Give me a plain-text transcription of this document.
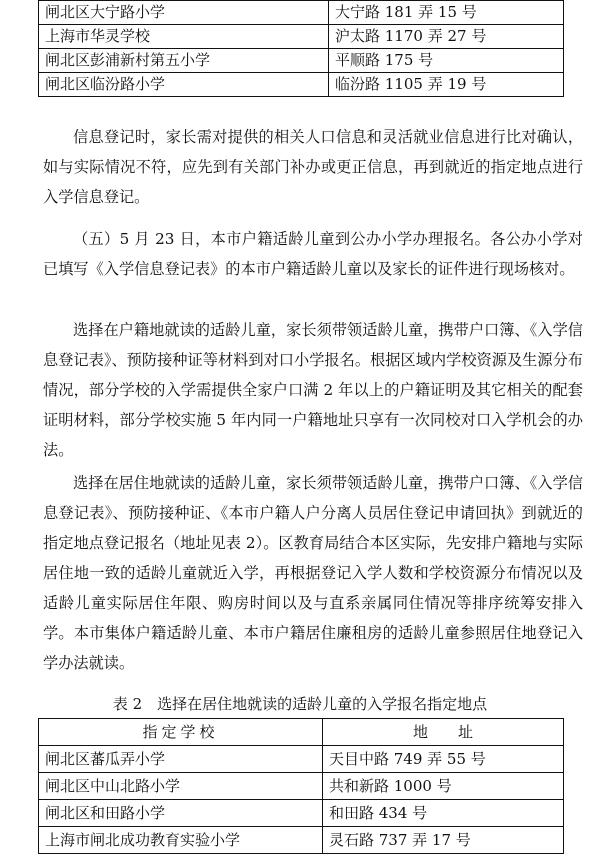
闸北区大宁路小学	大宁路 181 弄 15 号
上海市华灵学校	沪太路 1170 弄 27 号
闸北区彭浦新村第五小学	平顺路 175 号
闸北区临汾路小学	临汾路 1105 弄 19 号

信息登记时，家长需对提供的相关人口信息和灵活就业信息进行比对确认，如与实际情况不符，应先到有关部门补办或更正信息，再到就近的指定地点进行入学信息登记。

（五）5 月 23 日，本市户籍适龄儿童到公办小学办理报名。各公办小学对已填写《入学信息登记表》的本市户籍适龄儿童以及家长的证件进行现场核对。

选择在户籍地就读的适龄儿童，家长须带领适龄儿童，携带户口簿、《入学信息登记表》、预防接种证等材料到对口小学报名。根据区域内学校资源及生源分布情况，部分学校的入学需提供全家户口满 2 年以上的户籍证明及其它相关的配套证明材料，部分学校实施 5 年内同一户籍地址只享有一次同校对口入学机会的办法。

选择在居住地就读的适龄儿童，家长须带领适龄儿童，携带户口簿、《入学信息登记表》、预防接种证、《本市户籍人户分离人员居住登记申请回执》到就近的指定地点登记报名（地址见表 2）。区教育局结合本区实际，先安排户籍地与实际居住地一致的适龄儿童就近入学，再根据登记入学人数和学校资源分布情况以及适龄儿童实际居住年限、购房时间以及与直系亲属同住情况等排序统筹安排入学。本市集体户籍适龄儿童、本市户籍居住廉租房的适龄儿童参照居住地登记入学办法就读。

表 2　选择在居住地就读的适龄儿童的入学报名指定地点
指定学校	地址
闸北区蕃瓜弄小学	天目中路 749 弄 55 号
闸北区中山北路小学	共和新路 1000 号
闸北区和田路小学	和田路 434 号
上海市闸北成功教育实验小学	灵石路 737 弄 17 号
